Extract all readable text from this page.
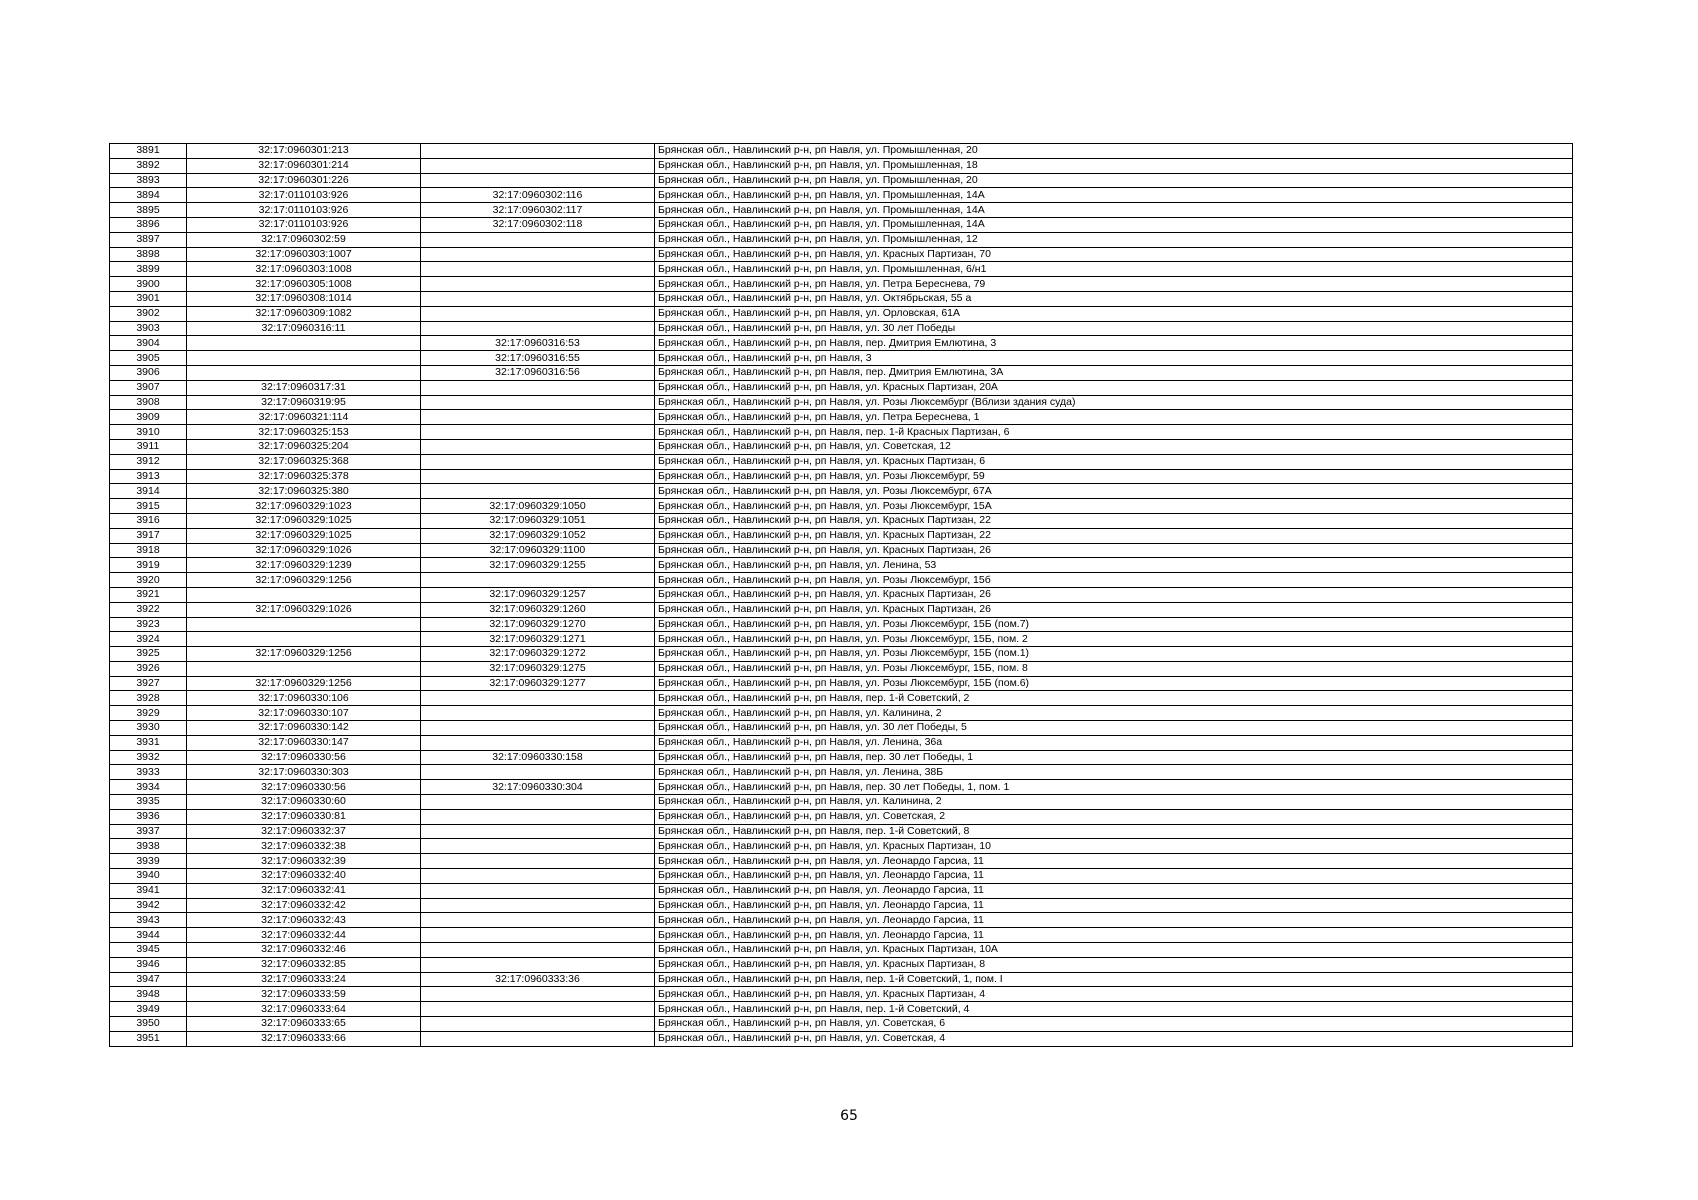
3891	32:17:0960301:213		Брянская обл., Навлинский р-н, рп Навля, ул. Промышленная, 20
3892	32:17:0960301:214		Брянская обл., Навлинский р-н, рп Навля, ул. Промышленная, 18
3893	32:17:0960301:226		Брянская обл., Навлинский р-н, рп Навля, ул. Промышленная, 20
3894	32:17:0110103:926	32:17:0960302:116	Брянская обл., Навлинский р-н, рп Навля, ул. Промышленная, 14А
3895	32:17:0110103:926	32:17:0960302:117	Брянская обл., Навлинский р-н, рп Навля, ул. Промышленная, 14А
3896	32:17:0110103:926	32:17:0960302:118	Брянская обл., Навлинский р-н, рп Навля, ул. Промышленная, 14А
3897	32:17:0960302:59		Брянская обл., Навлинский р-н, рп Навля, ул. Промышленная, 12
3898	32:17:0960303:1007		Брянская обл., Навлинский р-н, рп Навля, ул. Красных Партизан, 70
3899	32:17:0960303:1008		Брянская обл., Навлинский р-н, рп Навля, ул. Промышленная, 6/н1
3900	32:17:0960305:1008		Брянская обл., Навлинский р-н, рп Навля, ул. Петра Береснева, 79
3901	32:17:0960308:1014		Брянская обл., Навлинский р-н, рп Навля, ул. Октябрьская, 55 а
3902	32:17:0960309:1082		Брянская обл., Навлинский р-н, рп Навля, ул. Орловская, 61А
3903	32:17:0960316:11		Брянская обл., Навлинский р-н, рп Навля, ул. 30 лет Победы
3904		32:17:0960316:53	Брянская обл., Навлинский р-н, рп Навля, пер. Дмитрия Емлютина, 3
3905		32:17:0960316:55	Брянская обл., Навлинский р-н, рп Навля, 3
3906		32:17:0960316:56	Брянская обл., Навлинский р-н, рп Навля, пер. Дмитрия Емлютина, 3А
3907	32:17:0960317:31		Брянская обл., Навлинский р-н, рп Навля, ул. Красных Партизан, 20А
3908	32:17:0960319:95		Брянская обл., Навлинский р-н, рп Навля, ул. Розы Люксембург (Вблизи здания суда)
3909	32:17:0960321:114		Брянская обл., Навлинский р-н, рп Навля, ул. Петра Береснева, 1
3910	32:17:0960325:153		Брянская обл., Навлинский р-н, рп Навля, пер. 1-й Красных Партизан, 6
3911	32:17:0960325:204		Брянская обл., Навлинский р-н, рп Навля, ул. Советская, 12
3912	32:17:0960325:368		Брянская обл., Навлинский р-н, рп Навля, ул. Красных Партизан, 6
3913	32:17:0960325:378		Брянская обл., Навлинский р-н, рп Навля, ул. Розы Люксембург, 59
3914	32:17:0960325:380		Брянская обл., Навлинский р-н, рп Навля, ул. Розы Люксембург, 67А
3915	32:17:0960329:1023	32:17:0960329:1050	Брянская обл., Навлинский р-н, рп Навля, ул. Розы Люксембург, 15А
3916	32:17:0960329:1025	32:17:0960329:1051	Брянская обл., Навлинский р-н, рп Навля, ул. Красных Партизан, 22
3917	32:17:0960329:1025	32:17:0960329:1052	Брянская обл., Навлинский р-н, рп Навля, ул. Красных Партизан, 22
3918	32:17:0960329:1026	32:17:0960329:1100	Брянская обл., Навлинский р-н, рп Навля, ул. Красных Партизан, 26
3919	32:17:0960329:1239	32:17:0960329:1255	Брянская обл., Навлинский р-н, рп Навля, ул. Ленина, 53
3920	32:17:0960329:1256		Брянская обл., Навлинский р-н, рп Навля, ул. Розы Люксембург, 15б
3921		32:17:0960329:1257	Брянская обл., Навлинский р-н, рп Навля, ул. Красных Партизан, 26
3922	32:17:0960329:1026	32:17:0960329:1260	Брянская обл., Навлинский р-н, рп Навля, ул. Красных Партизан, 26
3923		32:17:0960329:1270	Брянская обл., Навлинский р-н, рп Навля, ул. Розы Люксембург, 15Б (пом.7)
3924		32:17:0960329:1271	Брянская обл., Навлинский р-н, рп Навля, ул. Розы Люксембург, 15Б, пом. 2
3925	32:17:0960329:1256	32:17:0960329:1272	Брянская обл., Навлинский р-н, рп Навля, ул. Розы Люксембург, 15Б (пом.1)
3926		32:17:0960329:1275	Брянская обл., Навлинский р-н, рп Навля, ул. Розы Люксембург, 15Б, пом. 8
3927	32:17:0960329:1256	32:17:0960329:1277	Брянская обл., Навлинский р-н, рп Навля, ул. Розы Люксембург, 15Б (пом.6)
3928	32:17:0960330:106		Брянская обл., Навлинский р-н, рп Навля, пер. 1-й Советский, 2
3929	32:17:0960330:107		Брянская обл., Навлинский р-н, рп Навля, ул. Калинина, 2
3930	32:17:0960330:142		Брянская обл., Навлинский р-н, рп Навля, ул. 30 лет Победы, 5
3931	32:17:0960330:147		Брянская обл., Навлинский р-н, рп Навля, ул. Ленина, 36а
3932	32:17:0960330:56	32:17:0960330:158	Брянская обл., Навлинский р-н, рп Навля, пер. 30 лет Победы, 1
3933	32:17:0960330:303		Брянская обл., Навлинский р-н, рп Навля, ул. Ленина, 38Б
3934	32:17:0960330:56	32:17:0960330:304	Брянская обл., Навлинский р-н, рп Навля, пер. 30 лет Победы, 1, пом. 1
3935	32:17:0960330:60		Брянская обл., Навлинский р-н, рп Навля, ул. Калинина, 2
3936	32:17:0960330:81		Брянская обл., Навлинский р-н, рп Навля, ул. Советская, 2
3937	32:17:0960332:37		Брянская обл., Навлинский р-н, рп Навля, пер. 1-й Советский, 8
3938	32:17:0960332:38		Брянская обл., Навлинский р-н, рп Навля, ул. Красных Партизан, 10
3939	32:17:0960332:39		Брянская обл., Навлинский р-н, рп Навля, ул. Леонардо Гарсиа, 11
3940	32:17:0960332:40		Брянская обл., Навлинский р-н, рп Навля, ул. Леонардо Гарсиа, 11
3941	32:17:0960332:41		Брянская обл., Навлинский р-н, рп Навля, ул. Леонардо Гарсиа, 11
3942	32:17:0960332:42		Брянская обл., Навлинский р-н, рп Навля, ул. Леонардо Гарсиа, 11
3943	32:17:0960332:43		Брянская обл., Навлинский р-н, рп Навля, ул. Леонардо Гарсиа, 11
3944	32:17:0960332:44		Брянская обл., Навлинский р-н, рп Навля, ул. Леонардо Гарсиа, 11
3945	32:17:0960332:46		Брянская обл., Навлинский р-н, рп Навля, ул. Красных Партизан, 10А
3946	32:17:0960332:85		Брянская обл., Навлинский р-н, рп Навля, ул. Красных Партизан, 8
3947	32:17:0960333:24	32:17:0960333:36	Брянская обл., Навлинский р-н, рп Навля, пер. 1-й Советский, 1, пом. I
3948	32:17:0960333:59		Брянская обл., Навлинский р-н, рп Навля, ул. Красных Партизан, 4
3949	32:17:0960333:64		Брянская обл., Навлинский р-н, рп Навля, пер. 1-й Советский, 4
3950	32:17:0960333:65		Брянская обл., Навлинский р-н, рп Навля, ул. Советская, 6
3951	32:17:0960333:66		Брянская обл., Навлинский р-н, рп Навля, ул. Советская, 4
65
